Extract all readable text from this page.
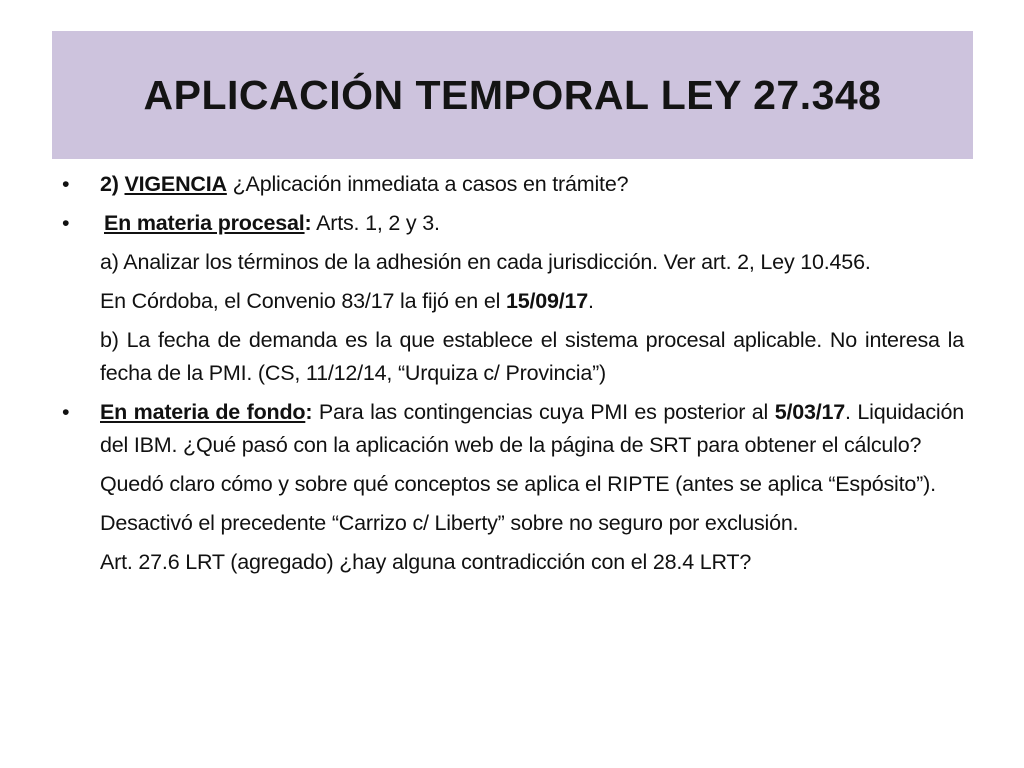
APLICACIÓN TEMPORAL LEY 27.348
•	2) VIGENCIA ¿Aplicación inmediata a casos en trámite?
•	En materia procesal: Arts. 1, 2 y 3.
a) Analizar los términos de la adhesión en cada jurisdicción. Ver art. 2, Ley 10.456.
En Córdoba, el Convenio 83/17 la fijó en el 15/09/17.
b) La fecha de demanda es la que establece el sistema procesal aplicable. No interesa la fecha de la PMI. (CS, 11/12/14, “Urquiza c/ Provincia”)
•	En materia de fondo: Para las contingencias cuya PMI es posterior al 5/03/17. Liquidación del IBM. ¿Qué pasó con la aplicación web de la página de SRT para obtener el cálculo?
Quedó claro cómo y sobre qué conceptos se aplica el RIPTE (antes se aplica “Espósito”).
Desactivó el precedente “Carrizo c/ Liberty” sobre no seguro por exclusión.
Art. 27.6 LRT (agregado) ¿hay alguna contradicción con el 28.4 LRT?
